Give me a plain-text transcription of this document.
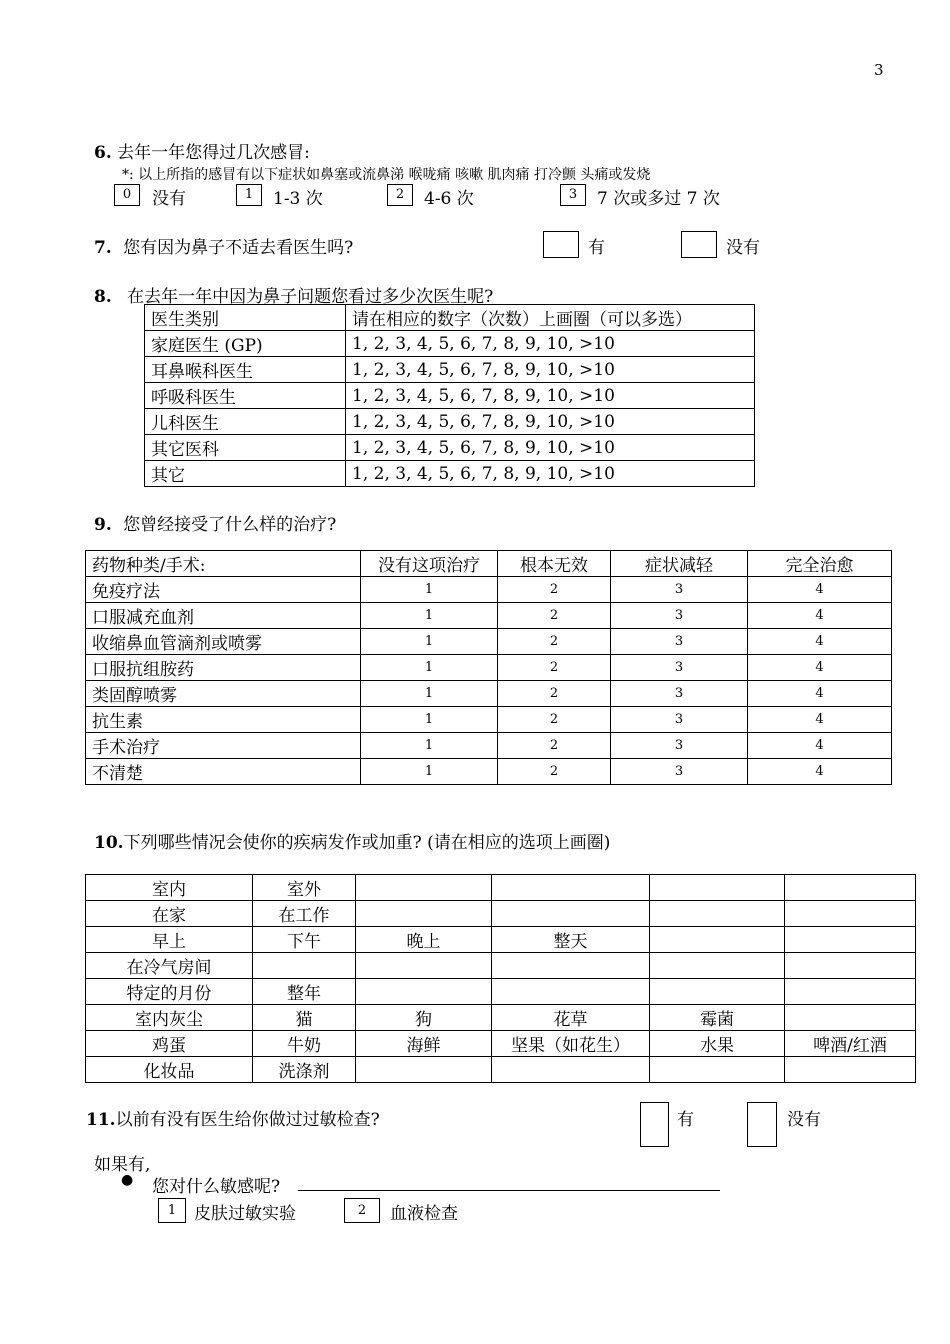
3
6. 去年一年您得过几次感冒:
*: 以上所指的感冒有以下症状如鼻塞或流鼻涕 喉咙痛 咳嗽 肌肉痛 打冷颤 头痛或发烧
0	没有	1	1-3 次	2	4-6 次	3	7 次或多过 7 次
7. 您有因为鼻子不适去看医生吗?	有	没有
8. 在去年一年中因为鼻子问题您看过多少次医生呢?
医生类别	请在相应的数字（次数）上画圈（可以多选）
家庭医生 (GP)	1, 2, 3, 4, 5, 6, 7, 8, 9, 10, >10
耳鼻喉科医生	1, 2, 3, 4, 5, 6, 7, 8, 9, 10, >10
呼吸科医生	1, 2, 3, 4, 5, 6, 7, 8, 9, 10, >10
儿科医生	1, 2, 3, 4, 5, 6, 7, 8, 9, 10, >10
其它医科	1, 2, 3, 4, 5, 6, 7, 8, 9, 10, >10
其它	1, 2, 3, 4, 5, 6, 7, 8, 9, 10, >10
9. 您曾经接受了什么样的治疗?
药物种类/手术:	没有这项治疗	根本无效	症状减轻	完全治愈
免疫疗法	1	2	3	4
口服减充血剂	1	2	3	4
收缩鼻血管滴剂或喷雾	1	2	3	4
口服抗组胺药	1	2	3	4
类固醇喷雾	1	2	3	4
抗生素	1	2	3	4
手术治疗	1	2	3	4
不清楚	1	2	3	4
10.下列哪些情况会使你的疾病发作或加重? (请在相应的选项上画圈)
室内	室外				
在家	在工作				
早上	下午	晚上	整天		
在冷气房间					
特定的月份	整年				
室内灰尘	猫	狗	花草	霉菌	
鸡蛋	牛奶	海鲜	坚果（如花生）	水果	啤酒/红酒
化妆品	洗涤剂				
11.以前有没有医生给你做过过敏检查?	有	没有
如果有,
● 您对什么敏感呢?
1	皮肤过敏实验	2	血液检查
